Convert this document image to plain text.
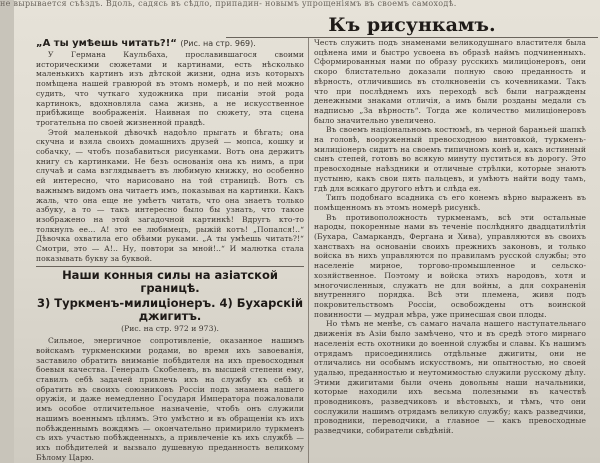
не вырывается съѣздъ. Вдоль, садясь въ сѣдло, припадин- новымъ упрощеніямъ въ своемъ самоходѣ.
Къ рисункамъ.

„А ты умѣешь читать?!“ (Рис. на стр. 969).

У Германа Каульбаха, прославившагося своими историческими сюжетами и картинами, есть нѣсколько маленькихъ картинъ изъ дѣтской жизни, одна изъ которыхъ помѣщена нашей гравюрой въ этомъ номерѣ, и по ней можно судить, что чуткаго художника при писаніи этой рода картинокъ, вдохновляла сама жизнь, а не искусственное прибѣжище воображенія. Наивная по сюжету, эта сцена трогательна по своей жизненной правдѣ.

Этой маленькой дѣвочкѣ надоѣло прыгать и бѣгать; она скучна и взяла своихъ домашнихъ друзей — мопса, кошку и собачку, — чтобъ позабавиться рисунками. Вотъ она держитъ книгу съ картинками. Не безъ основанія она къ нимъ, а при случаѣ и сама взглядываетъ въ любимую книжку, но особенно ей интересно, что нарисовано на той страницѣ. Вотъ съ важнымъ видомъ она читаетъ имъ, показывая на картинки. Какъ жаль, что она еще не умѣетъ читать, что она знаетъ только азбуку, а то — такъ интересно было бы узнать, что такое изображено на этой загадочной картинкѣ! Вдругъ кто-то толкнулъ ее... А! это ее любимецъ, рыжій котъ! „Попался!..“ Дѣвочка охватила его обѣими руками. „А ты умѣешь читать?!“ Смотри, это — А!.. Ну, повтори за мной!..“ И малютка стала показывать букву за буквой.

Наши конныя силы на азіатской границѣ.

3) Туркменъ-милиціонеръ. 4) Бухарскій джигитъ.

(Рис. на стр. 972 и 973).

Сильное, энергичное сопротивленіе, оказанное нашимъ войскамъ туркменскими родами, во время ихъ завоеванія, заставило обратить вниманіе побѣдителя на ихъ превосходныя боевыя качества. Генералъ Скобелевъ, въ высшей степени ему, ставилъ себѣ задачей привлечь ихъ на службу къ себѣ и обратить въ своихъ союзниковъ Россіи подъ знамена нашего оружія, и даже немедленно Государя Императора пожаловали имъ особое отличительное назначеніе, чтобъ онъ служили нашимъ военнымъ цѣлямъ. Это умѣстно и въ обращеніи къ ихъ побѣжденнымъ вождямъ — окончательно примирило туркменъ съ ихъ участью побѣжденныхъ, а привлеченіе къ ихъ службѣ — ихъ побѣдителей и вызвало душевную преданность великому Бѣлому Царю.

Честь служить подъ знаменами великодушнаго властителя была оцѣнена ими и быстро усвоена въ образѣ наймъ подчиненныхъ. Сформированныя нами по образу русскихъ милиціонеровъ, они скоро блистательно доказали полную свою преданность и вѣрность, отличившись въ столкновеніи съ кочевниками. Такъ что при послѣднемъ ихъ переходѣ всѣ были награждены денежными знаками отличія, а имъ были розданы медали съ надписью „За вѣрность“. Тогда же количество милиціонеровъ было значительно увеличено.

Въ своемъ національномъ костюмѣ, въ черной бараньей шапкѣ на головѣ, вооруженный превосходною винтовкой, туркменъ-милиціонеръ сидитъ на своемъ типичномъ конѣ и, какъ истинный сынъ степей, готовъ во всякую минуту пуститься въ дорогу. Это превосходные наѣздники и отличные стрѣлки, которые знаютъ пустыню, какъ свои пять пальцевъ, и умѣютъ найти воду тамъ, гдѣ для всякаго другого нѣтъ и слѣда ея.

Типъ подобнаго всадника съ его конемъ вѣрно выраженъ въ помѣщенномъ въ этомъ номерѣ рисункѣ.

Въ противоположность туркменамъ, всѣ эти остальные народы, покоренные нами въ теченіе послѣдняго двадцатилѣтія (Бухара, Самаркандъ, Фергана и Хива), управляются въ своихъ ханствахъ на основаніи своихъ прежнихъ законовъ, и только войска въ нихъ управляются по правиламъ русской службы; это населеніе мирное, торгово-промышленное и сельско-хозяйственное. Поэтому и войска этихъ народовъ, хотя и многочисленныя, служатъ не для войны, а для сохраненія внутренняго порядка. Всѣ эти племена, живя подъ покровительствомъ Россіи, освобождены отъ воинской повинности — мудрая мѣра, уже принесшая свои плоды.

Но тѣмъ не менѣе, съ самаго начала нашего наступательнаго движенія въ Азіи было замѣчено, что и въ средѣ этого мирнаго населенія есть охотники до военной службы и славы. Къ нашимъ отрядамъ присоединялись отдѣльные джигиты, они не отличались ни особымъ искусствомъ, ни опытностью, но своей удалью, преданностью и неутомимостью служили русскому дѣлу. Этими джигитами были очень довольны наши начальники, которые находили ихъ весьма полезными въ качествѣ проводниковъ, разведчиковъ и вѣстовыхъ, и тѣмъ, что они сослужили нашимъ отрядамъ великую службу; какъ разведчики, проводники, переводчики, а главное — какъ превосходные разведчики, собиратели свѣдѣній.
